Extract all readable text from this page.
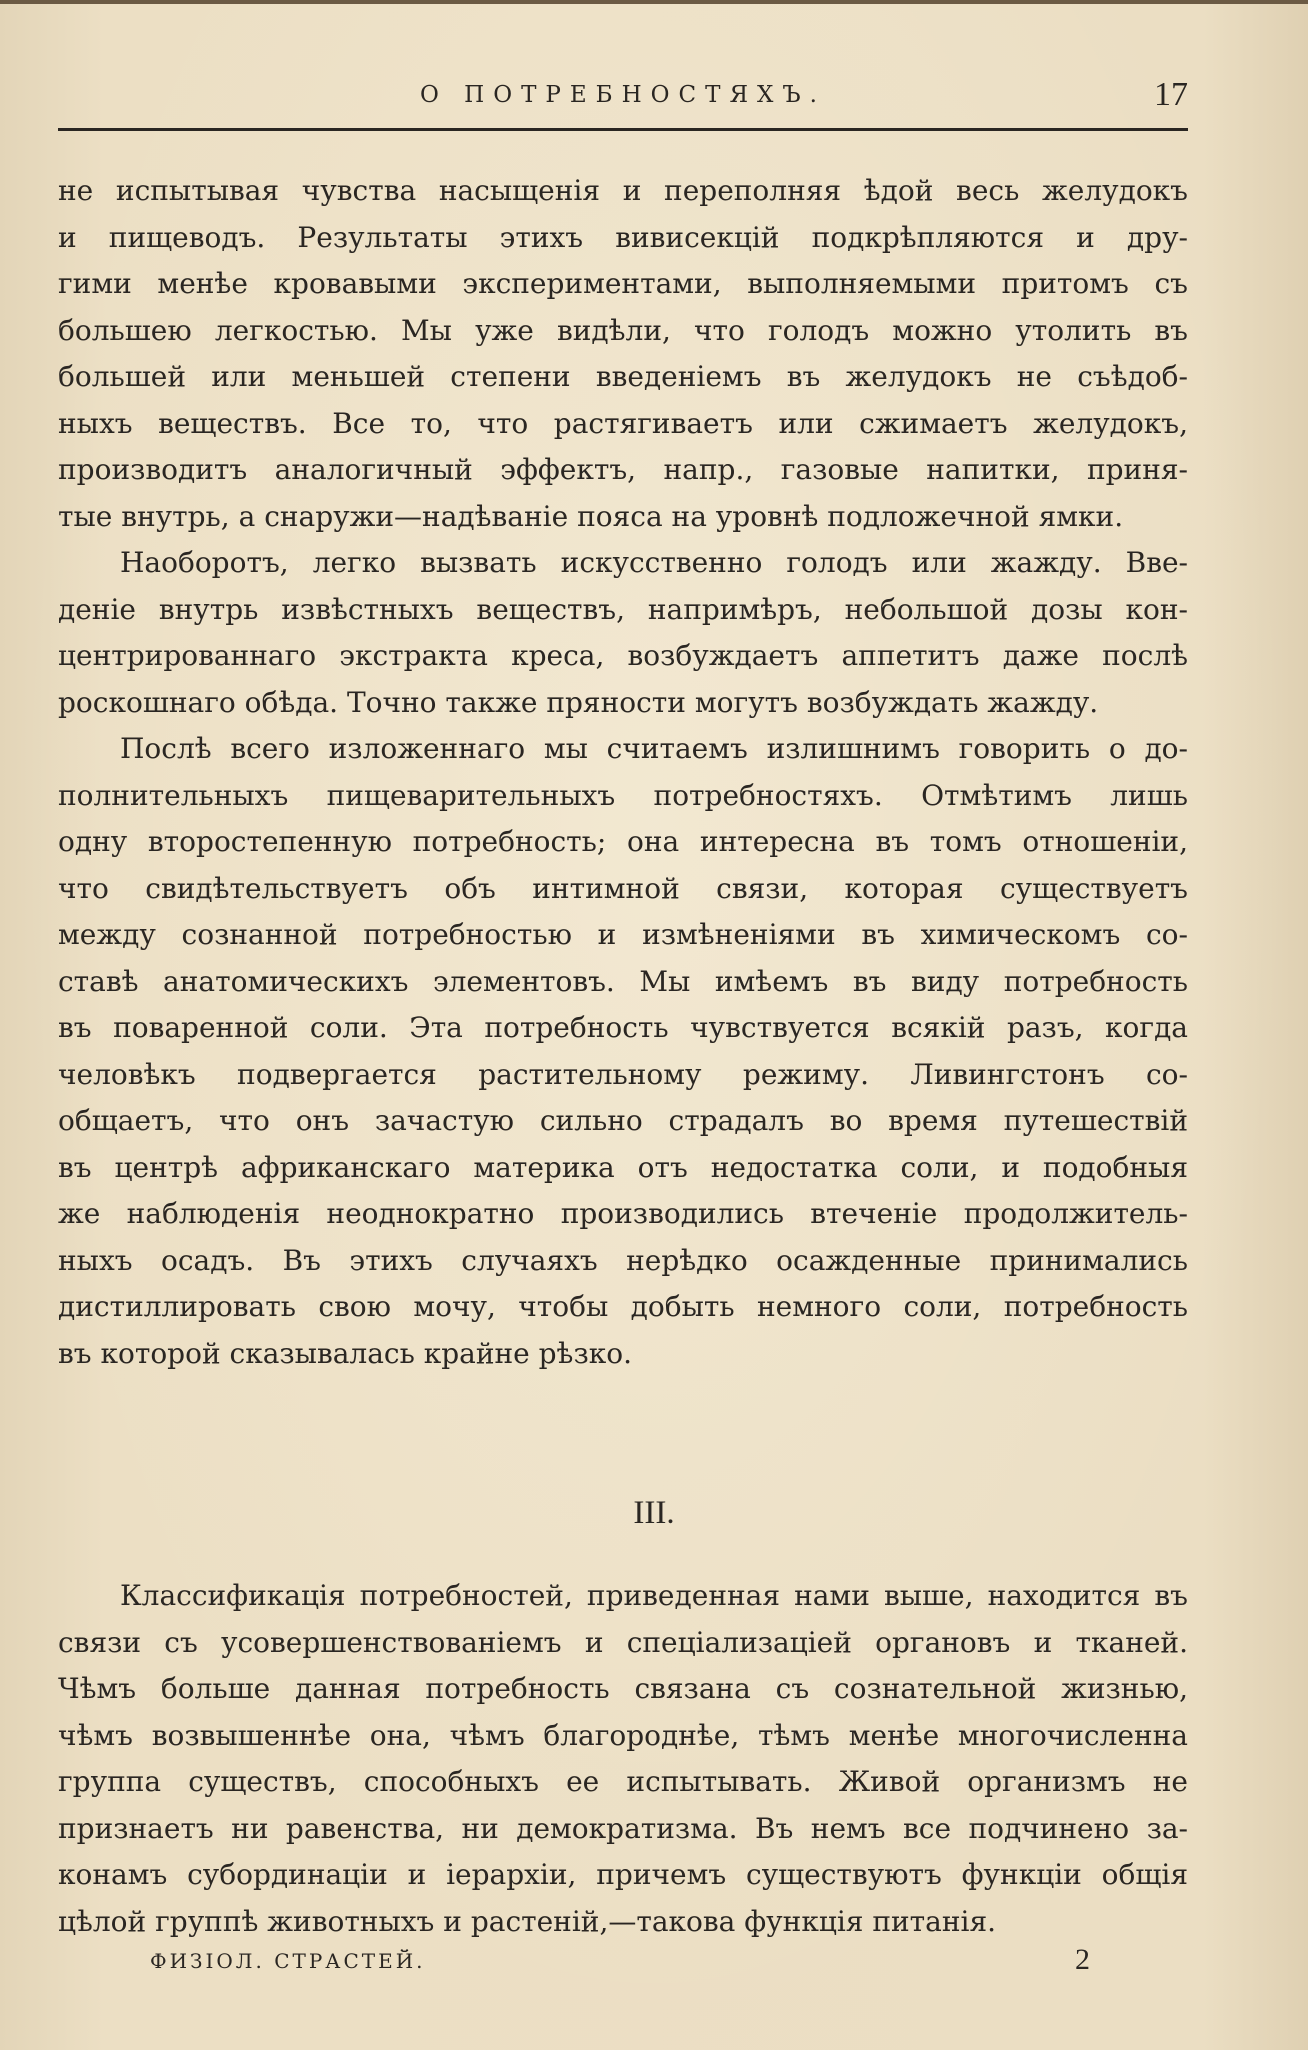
О ПОТРЕБНОСТЯХЪ.	17
не испытывая чувства насыщенія и переполняя ѣдой весь желудокъ
и пищеводъ. Результаты этихъ вивисекцій подкрѣпляются и дру-
гими менѣе кровавыми экспериментами, выполняемыми притомъ съ
большею легкостью. Мы уже видѣли, что голодъ можно утолить въ
большей или меньшей степени введеніемъ въ желудокъ не съѣдоб-
ныхъ веществъ. Все то, что растягиваетъ или сжимаетъ желудокъ,
производитъ аналогичный эффектъ, напр., газовые напитки, приня-
тые внутрь, а снаружи—надѣваніе пояса на уровнѣ подложечной ямки.
Наоборотъ, легко вызвать искусственно голодъ или жажду. Вве-
деніе внутрь извѣстныхъ веществъ, напримѣръ, небольшой дозы кон-
центрированнаго экстракта креса, возбуждаетъ аппетитъ даже послѣ
роскошнаго обѣда. Точно также пряности могутъ возбуждать жажду.
Послѣ всего изложеннаго мы считаемъ излишнимъ говорить о до-
полнительныхъ пищеварительныхъ потребностяхъ. Отмѣтимъ лишь
одну второстепенную потребность; она интересна въ томъ отношеніи,
что свидѣтельствуетъ объ интимной связи, которая существуетъ
между сознанной потребностью и измѣненіями въ химическомъ со-
ставѣ анатомическихъ элементовъ. Мы имѣемъ въ виду потребность
въ поваренной соли. Эта потребность чувствуется всякій разъ, когда
человѣкъ подвергается растительному режиму. Ливингстонъ со-
общаетъ, что онъ зачастую сильно страдалъ во время путешествій
въ центрѣ африканскаго материка отъ недостатка соли, и подобныя
же наблюденія неоднократно производились втеченіе продолжитель-
ныхъ осадъ. Въ этихъ случаяхъ нерѣдко осажденные принимались
дистиллировать свою мочу, чтобы добыть немного соли, потребность
въ которой сказывалась крайне рѣзко.
III.
Классификація потребностей, приведенная нами выше, находится въ
связи съ усовершенствованіемъ и спеціализаціей органовъ и тканей.
Чѣмъ больше данная потребность связана съ сознательной жизнью,
чѣмъ возвышеннѣе она, чѣмъ благороднѣе, тѣмъ менѣе многочисленна
группа существъ, способныхъ ее испытывать. Живой организмъ не
признаетъ ни равенства, ни демократизма. Въ немъ все подчинено за-
конамъ субординаціи и іерархіи, причемъ существуютъ функціи общія
цѣлой группѣ животныхъ и растеній,—такова функція питанія.
ФИЗІОЛ. СТРАСТЕЙ.	2
